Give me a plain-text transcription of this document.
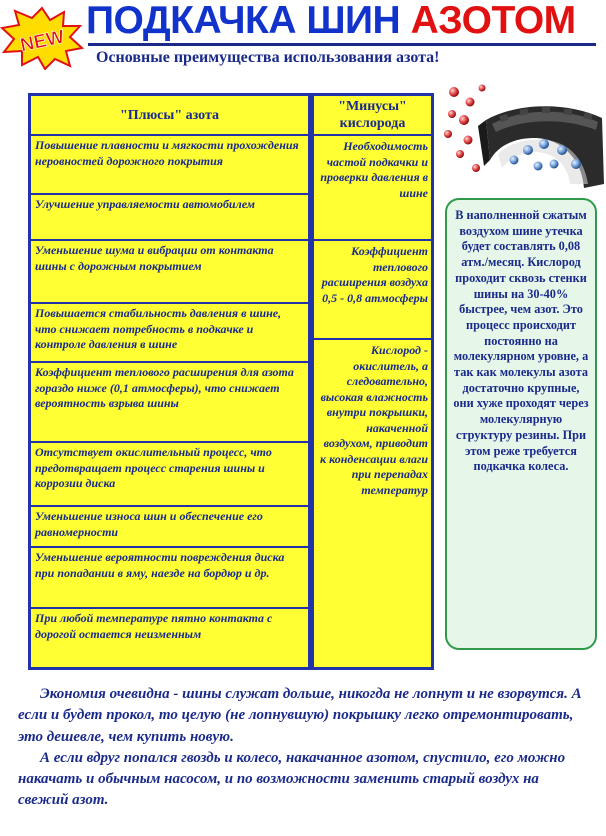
NEW ПОДКАЧКА ШИН АЗОТОМ
Основные преимущества использования азота!
"Плюсы" азота
Повышение плавности и мягкости прохождения неровностей дорожного покрытия
Улучшение управляемости автомобилем
Уменьшение шума и вибрации от контакта шины с дорожным покрытием
Повышается стабильность давления в шине, что снижает потребность в подкачке и контроле давления в шине
Коэффициент теплового расширения для азота гораздо ниже (0,1 атмосферы), что снижает вероятность взрыва шины
Отсутствует окислительный процесс, что предотвращает процесс старения шины и коррозии диска
Уменьшение износа шин и обеспечение его равномерности
Уменьшение вероятности повреждения диска при попадании в яму, наезде на бордюр и др.
При любой температуре пятно контакта с дорогой остается неизменным
"Минусы" кислорода
Необходимость частой подкачки и проверки давления в шине
Коэффициент теплового расширения воздуха 0,5 - 0,8 атмосферы
Кислород - окислитель, а следовательно, высокая влажность внутри покрышки, накаченной воздухом, приводит к конденсации влаги при перепадах температур
В наполненной сжатым воздухом шине утечка будет составлять 0,08 атм./месяц. Кислород проходит сквозь стенки шины на 30-40% быстрее, чем азот. Это процесс происходит постоянно на молекулярном уровне, а так как молекулы азота достаточно крупные, они хуже проходят через молекулярную структуру резины. При этом реже требуется подкачка колеса.

Экономия очевидна - шины служат дольше, никогда не лопнут и не взорвутся. А если и будет прокол, то целую (не лопнувшую) покрышку легко отремонтировать, это дешевле, чем купить новую.

А если вдруг попался гвоздь и колесо, накачанное азотом, спустило, его можно накачать и обычным насосом, и по возможности заменить старый воздух на свежий азот.
